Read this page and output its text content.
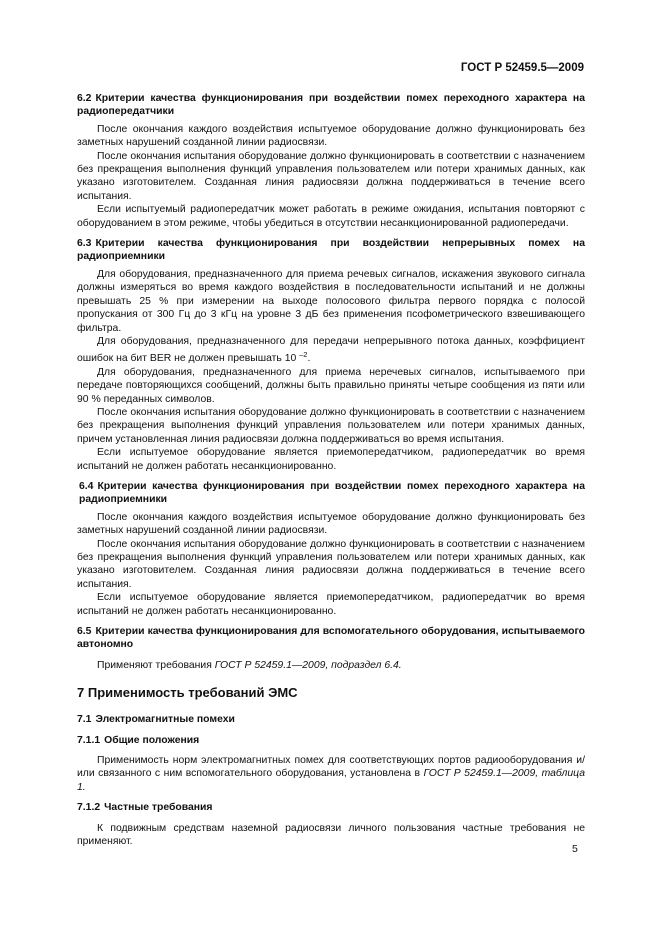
ГОСТ Р 52459.5—2009

6.2 Критерии качества функционирования при воздействии помех переходного характера на радиопередатчики

После окончания каждого воздействия испытуемое оборудование должно функционировать без заметных нарушений созданной линии радиосвязи.

После окончания испытания оборудование должно функционировать в соответствии с назначением без прекращения выполнения функций управления пользователем или потери хранимых данных, как указано изготовителем. Созданная линия радиосвязи должна поддерживаться в течение всего испытания.

Если испытуемый радиопередатчик может работать в режиме ожидания, испытания повторяют с оборудованием в этом режиме, чтобы убедиться в отсутствии несанкционированной радиопередачи.

6.3 Критерии качества функционирования при воздействии непрерывных помех на радиоприемники

Для оборудования, предназначенного для приема речевых сигналов, искажения звукового сигнала должны измеряться во время каждого воздействия в последовательности испытаний и не должны превышать 25 % при измерении на выходе полосового фильтра первого порядка с полосой пропускания от 300 Гц до 3 кГц на уровне 3 дБ без применения псофометрического взвешивающего фильтра.

Для оборудования, предназначенного для передачи непрерывного потока данных, коэффициент ошибок на бит BER не должен превышать 10 $^{-2}$.

Для оборудования, предназначенного для приема неречевых сигналов, испытываемого при передаче повторяющихся сообщений, должны быть правильно приняты четыре сообщения из пяти или 90 % переданных символов.

После окончания испытания оборудование должно функционировать в соответствии с назначением без прекращения выполнения функций управления пользователем или потери хранимых данных, причем установленная линия радиосвязи должна поддерживаться во время испытания.

Если испытуемое оборудование является приемопередатчиком, радиопередатчик во время испытаний не должен работать несанкционированно.

6.4 Критерии качества функционирования при воздействии помех переходного характера на радиоприемники

После окончания каждого воздействия испытуемое оборудование должно функционировать без заметных нарушений созданной линии радиосвязи.

После окончания испытания оборудование должно функционировать в соответствии с назначением без прекращения выполнения функций управления пользователем или потери хранимых данных, как указано изготовителем. Созданная линия радиосвязи должна поддерживаться в течение всего испытания.

Если испытуемое оборудование является приемопередатчиком, радиопередатчик во время испытаний не должен работать несанкционированно.

6.5 Критерии качества функционирования для вспомогательного оборудования, испытываемого автономно

Применяют требования ГОСТ Р 52459.1—2009, подраздел 6.4.

7 Применимость требований ЭМС

7.1 Электромагнитные помехи

7.1.1 Общие положения

Применимость норм электромагнитных помех для соответствующих портов радиооборудования и/или связанного с ним вспомогательного оборудования, установлена в ГОСТ Р 52459.1—2009, таблица 1.

7.1.2 Частные требования

К подвижным средствам наземной радиосвязи личного пользования частные требования не применяют.

5
